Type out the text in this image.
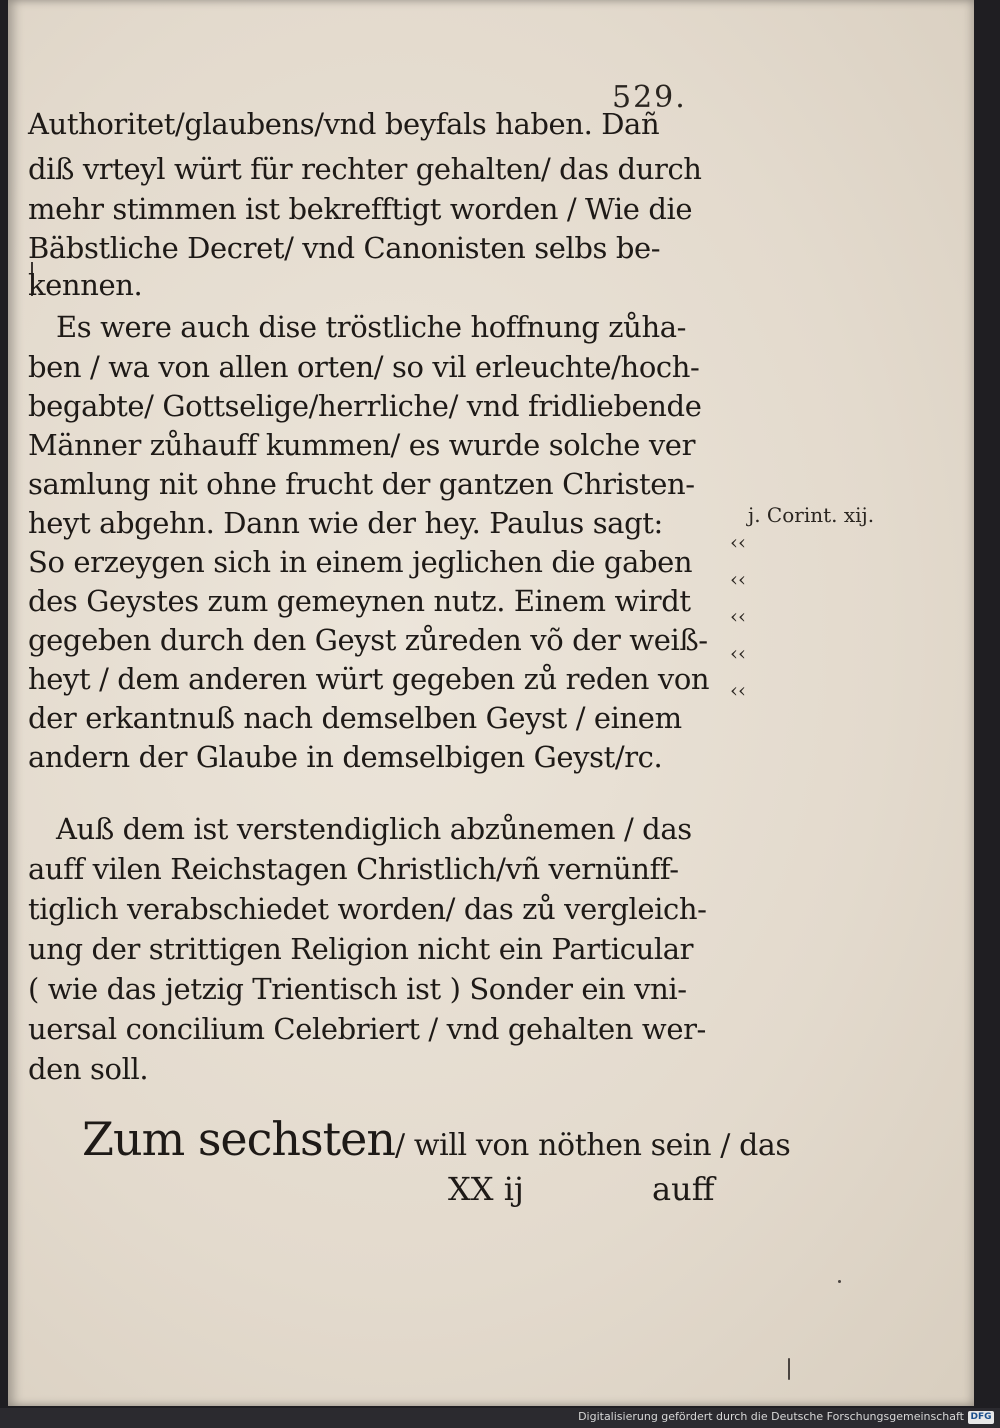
529.
Authoritet/glaubens/vnd beyfals haben. Dañ
diß vrteyl würt für rechter gehalten/ das durch
mehr stimmen ist bekrefftigt worden / Wie die
Bäbstliche Decret/ vnd Canonisten selbs be-
kennen.
Es were auch dise tröstliche hoffnung zůha-
ben / wa von allen orten/ so vil erleuchte/hoch-
begabte/ Gottselige/herrliche/ vnd fridliebende
Männer zůhauff kummen/ es wurde solche ver
samlung nit ohne frucht der gantzen Christen-
heyt abgehn. Dann wie der hey. Paulus sagt:
So erzeygen sich in einem jeglichen die gaben
des Geystes zum gemeynen nutz. Einem wirdt
gegeben durch den Geyst zůreden võ der weiß-
heyt / dem anderen würt gegeben zů reden von
der erkantnuß nach demselben Geyst / einem
andern der Glaube in demselbigen Geyst/rc.
Auß dem ist verstendiglich abzůnemen / das
auff vilen Reichstagen Christlich/vñ vernünff-
tiglich verabschiedet worden/ das zů vergleich-
ung der strittigen Religion nicht ein Particular
( wie das jetzig Trientisch ist ) Sonder ein vni-
uersal concilium Celebriert / vnd gehalten wer-
den soll.
Zum sechsten/ will von nöthen sein / das
XX ij	auff
j. Corint. xij.
‹‹
‹‹
‹‹
‹‹
‹‹
Digitalisierung gefördert durch die Deutsche Forschungsgemeinschaft DFG
